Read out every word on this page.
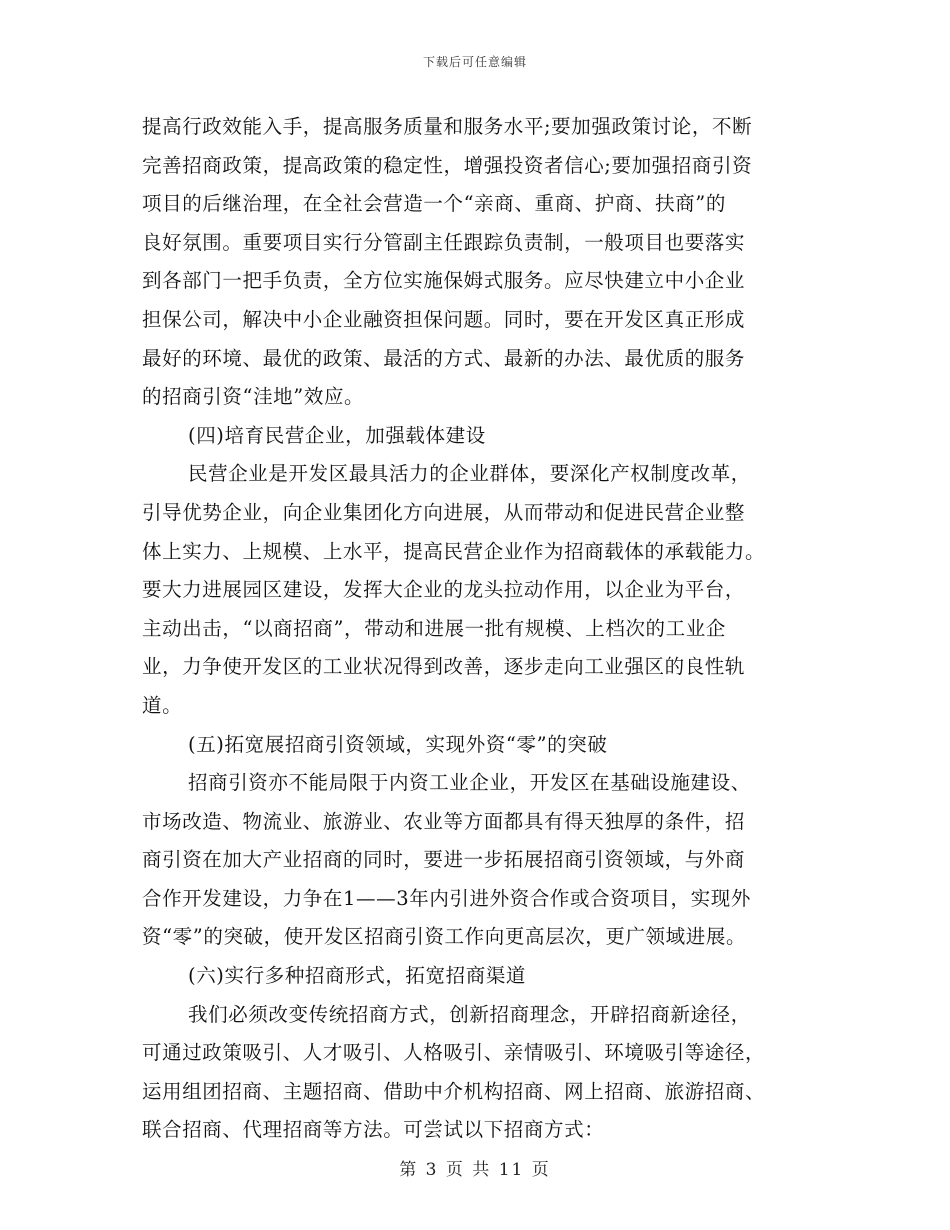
下载后可任意编辑
提高行政效能入手，提高服务质量和服务水平;要加强政策讨论，不断
完善招商政策，提高政策的稳定性，增强投资者信心;要加强招商引资
项目的后继治理，在全社会营造一个“亲商、重商、护商、扶商”的
良好氛围。重要项目实行分管副主任跟踪负责制，一般项目也要落实
到各部门一把手负责，全方位实施保姆式服务。应尽快建立中小企业
担保公司，解决中小企业融资担保问题。同时，要在开发区真正形成
最好的环境、最优的政策、最活的方式、最新的办法、最优质的服务
的招商引资“洼地”效应。
(四)培育民营企业，加强载体建设
民营企业是开发区最具活力的企业群体，要深化产权制度改革，
引导优势企业，向企业集团化方向进展，从而带动和促进民营企业整
体上实力、上规模、上水平，提高民营企业作为招商载体的承载能力。
要大力进展园区建设，发挥大企业的龙头拉动作用，以企业为平台，
主动出击，“以商招商”，带动和进展一批有规模、上档次的工业企
业，力争使开发区的工业状况得到改善，逐步走向工业强区的良性轨
道。
(五)拓宽展招商引资领域，实现外资“零”的突破
招商引资亦不能局限于内资工业企业，开发区在基础设施建设、
市场改造、物流业、旅游业、农业等方面都具有得天独厚的条件，招
商引资在加大产业招商的同时，要进一步拓展招商引资领域，与外商
合作开发建设，力争在1——3年内引进外资合作或合资项目，实现外
资“零”的突破，使开发区招商引资工作向更高层次，更广领域进展。
(六)实行多种招商形式，拓宽招商渠道
我们必须改变传统招商方式，创新招商理念，开辟招商新途径，
可通过政策吸引、人才吸引、人格吸引、亲情吸引、环境吸引等途径，
运用组团招商、主题招商、借助中介机构招商、网上招商、旅游招商、
联合招商、代理招商等方法。可尝试以下招商方式：
第 3 页 共 11 页
